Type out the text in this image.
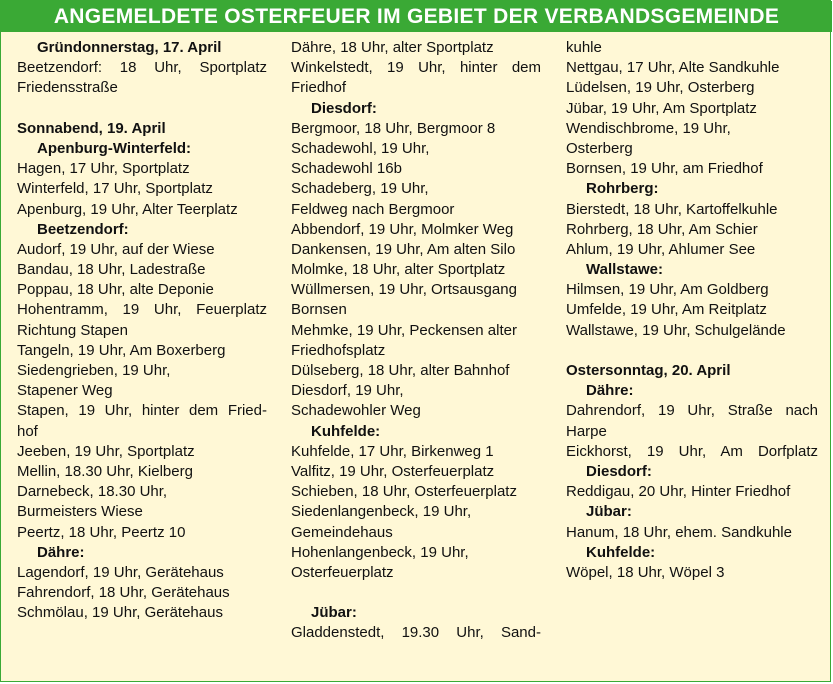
ANGEMELDETE OSTERFEUER IM GEBIET DER VERBANDSGEMEINDE
Gründonnerstag, 17. April
Beetzendorf: 18 Uhr, Sportplatz
Friedensstraße
Sonnabend, 19. April
Apenburg-Winterfeld:
Hagen, 17 Uhr, Sportplatz
Winterfeld, 17 Uhr, Sportplatz
Apenburg, 19 Uhr, Alter Teerplatz
Beetzendorf:
Audorf, 19 Uhr, auf der Wiese
Bandau, 18 Uhr, Ladestraße
Poppau, 18 Uhr, alte Deponie
Hohentramm, 19 Uhr, Feuerplatz
Richtung Stapen
Tangeln, 19 Uhr, Am Boxerberg
Siedengrieben, 19 Uhr,
Stapener Weg
Stapen, 19 Uhr, hinter dem Fried-
hof
Jeeben, 19 Uhr, Sportplatz
Mellin, 18.30 Uhr, Kielberg
Darnebeck, 18.30 Uhr,
Burmeisters Wiese
Peertz, 18 Uhr, Peertz 10
Dähre:
Lagendorf, 19 Uhr, Gerätehaus
Fahrendorf, 18 Uhr, Gerätehaus
Schmölau, 19 Uhr, Gerätehaus
Dähre, 18 Uhr, alter Sportplatz
Winkelstedt, 19 Uhr, hinter dem
Friedhof
Diesdorf:
Bergmoor, 18 Uhr, Bergmoor 8
Schadewohl, 19 Uhr,
Schadewohl 16b
Schadeberg, 19 Uhr,
Feldweg nach Bergmoor
Abbendorf, 19 Uhr, Molmker Weg
Dankensen, 19 Uhr, Am alten Silo
Molmke, 18 Uhr, alter Sportplatz
Wüllmersen, 19 Uhr, Ortsausgang
Bornsen
Mehmke, 19 Uhr, Peckensen alter
Friedhofsplatz
Dülseberg, 18 Uhr, alter Bahnhof
Diesdorf, 19 Uhr,
Schadewohler Weg
Kuhfelde:
Kuhfelde, 17 Uhr, Birkenweg 1
Valfitz, 19 Uhr, Osterfeuerplatz
Schieben, 18 Uhr, Osterfeuerplatz
Siedenlangenbeck, 19 Uhr,
Gemeindehaus
Hohenlangenbeck, 19 Uhr,
Osterfeuerplatz
Jübar:
Gladdenstedt, 19.30 Uhr, Sand-
kuhle
Nettgau, 17 Uhr, Alte Sandkuhle
Lüdelsen, 19 Uhr, Osterberg
Jübar, 19 Uhr, Am Sportplatz
Wendischbrome, 19 Uhr,
Osterberg
Bornsen, 19 Uhr, am Friedhof
Rohrberg:
Bierstedt, 18 Uhr, Kartoffelkuhle
Rohrberg, 18 Uhr, Am Schier
Ahlum, 19 Uhr, Ahlumer See
Wallstawe:
Hilmsen, 19 Uhr, Am Goldberg
Umfelde, 19 Uhr, Am Reitplatz
Wallstawe, 19 Uhr, Schulgelände
Ostersonntag, 20. April
Dähre:
Dahrendorf, 19 Uhr, Straße nach
Harpe
Eickhorst, 19 Uhr, Am Dorfplatz
Diesdorf:
Reddigau, 20 Uhr, Hinter Friedhof
Jübar:
Hanum, 18 Uhr, ehem. Sandkuhle
Kuhfelde:
Wöpel, 18 Uhr, Wöpel 3
